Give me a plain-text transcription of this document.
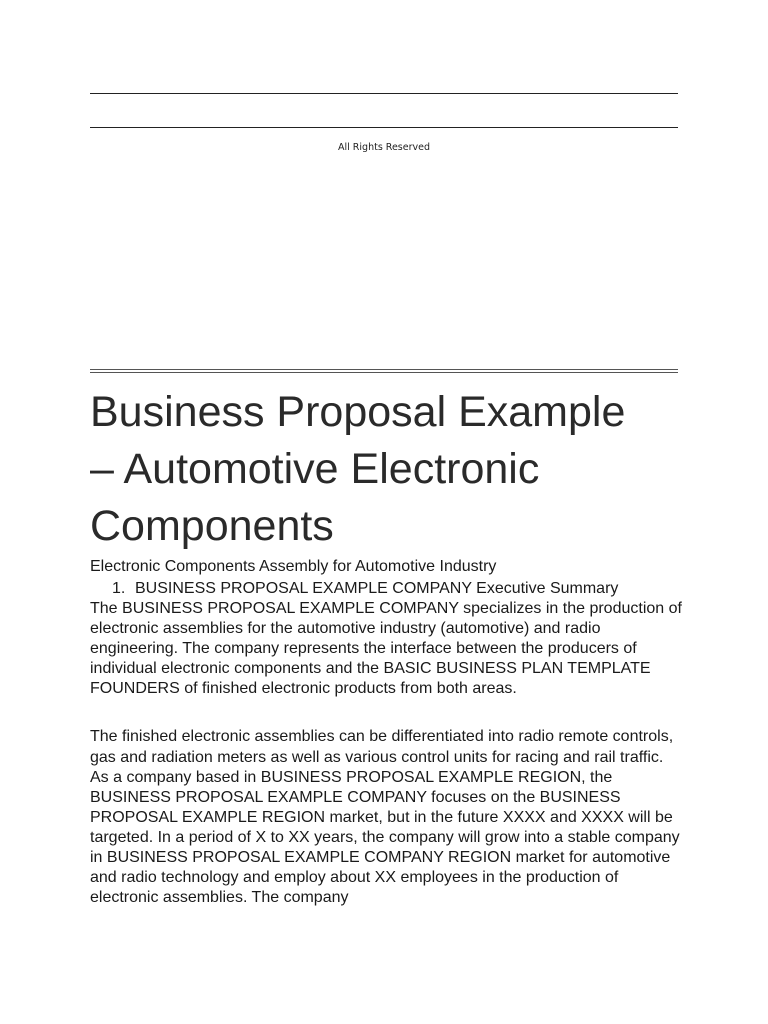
All Rights Reserved
Business Proposal Example
– Automotive Electronic
Components

Electronic Components Assembly for Automotive Industry

1. BUSINESS PROPOSAL EXAMPLE COMPANY Executive Summary

The BUSINESS PROPOSAL EXAMPLE COMPANY specializes in the production of electronic assemblies for the automotive industry (automotive) and radio engineering. The company represents the interface between the producers of individual electronic components and the BASIC BUSINESS PLAN TEMPLATE FOUNDERS of finished electronic products from both areas.

The finished electronic assemblies can be differentiated into radio remote controls, gas and radiation meters as well as various control units for racing and rail traffic. As a company based in BUSINESS PROPOSAL EXAMPLE REGION, the BUSINESS PROPOSAL EXAMPLE COMPANY focuses on the BUSINESS PROPOSAL EXAMPLE REGION market, but in the future XXXX and XXXX will be targeted. In a period of X to XX years, the company will grow into a stable company in BUSINESS PROPOSAL EXAMPLE COMPANY REGION market for automotive and radio technology and employ about XX employees in the production of electronic assemblies. The company
